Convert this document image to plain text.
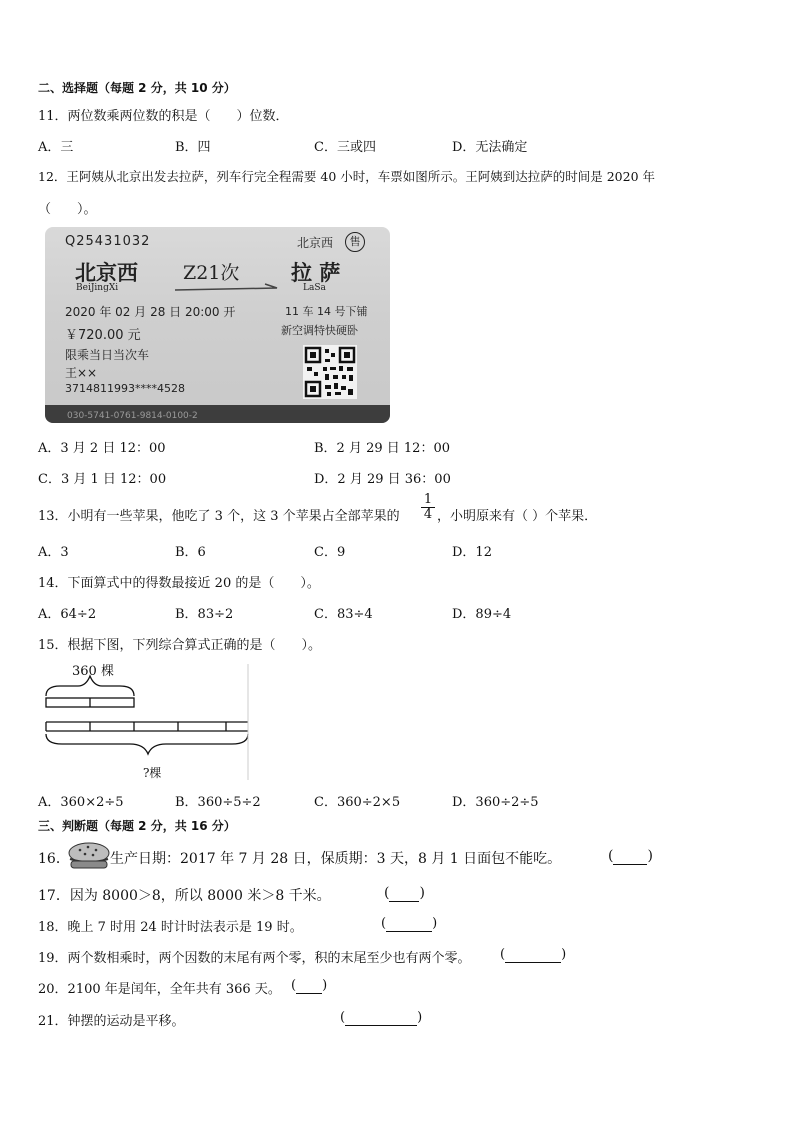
二、选择题（每题 2 分，共 10 分）
11．两位数乘两位数的积是（　　）位数．
A．三	B．四	C．三或四	D．无法确定
12．王阿姨从北京出发去拉萨，列车行完全程需要 40 小时，车票如图所示。王阿姨到达拉萨的时间是 2020 年
（　　）。
Q25431032	北京西	售
北京西
BeiJingXi
Z21次 拉 萨
LaSa
2020 年 02 月 28 日 20:00 开	11 车 14 号下铺
￥720.00 元	新空调特快硬卧
限乘当日当次车
王××
3714811993****4528
030-5741-0761-9814-0100-2
A．3 月 2 日 12：00	B．2 月 29 日 12：00
C．3 月 1 日 12：00	D．2 月 29 日 36：00
13．小明有一些苹果，他吃了 3 个，这 3 个苹果占全部苹果的 $\frac{1}{4}$ ，小明原来有（ ）个苹果．
A．3	B．6	C．9	D．12
14．下面算式中的得数最接近 20 的是（　　）。
A．64÷2	B．83÷2	C．83÷4	D．89÷4
15．根据下图，下列综合算式正确的是（　　）。
360 棵
?棵
A．360×2÷5	B．360÷5÷2	C．360÷2×5	D．360÷2÷5
三、判断题（每题 2 分，共 16 分）
16．	生产日期：2017 年 7 月 28 日，保质期：3 天，8 月 1 日面包不能吃。	( )
17．因为 8000＞8，所以 8000 米＞8 千米。	( )
18．晚上 7 时用 24 时计时法表示是 19 时。	(	)
19．两个数相乘时，两个因数的末尾有两个零，积的末尾至少也有两个零。 (	)
20．2100 年是闰年，全年共有 366 天。 ( )
21．钟摆的运动是平移。	(	)
